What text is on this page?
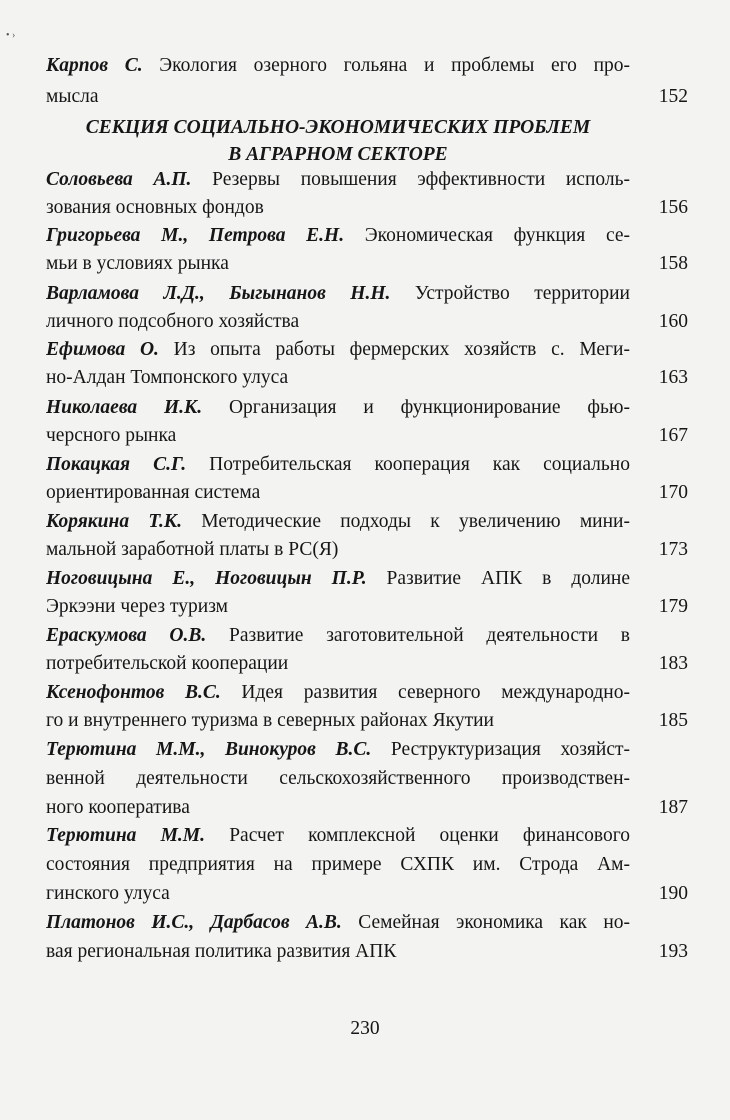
• ›
Карпов С. Экология озерного гольяна и проблемы его про-
мысла
СЕКЦИЯ СОЦИАЛЬНО-ЭКОНОМИЧЕСКИХ ПРОБЛЕМ
В АГРАРНОМ СЕКТОРЕ
Соловьева А.П. Резервы повышения эффективности исполь-
зования основных фондов
Григорьева М., Петрова Е.Н. Экономическая функция се-
мьи в условиях рынка
Варламова Л.Д., Быгынанов Н.Н. Устройство территории
личного подсобного хозяйства
Ефимова О. Из опыта работы фермерских хозяйств с. Меги-
но-Алдан Томпонского улуса
Николаева И.К. Организация и функционирование фью-
черсного рынка
Покацкая С.Г. Потребительская кооперация как социально
ориентированная система
Корякина Т.К. Методические подходы к увеличению мини-
мальной заработной платы в РС(Я)
Ноговицына Е., Ноговицын П.Р. Развитие АПК в долине
Эркээни через туризм
Ераскумова О.В. Развитие заготовительной деятельности в
потребительской кооперации
Ксенофонтов В.С. Идея развития северного международно-
го и внутреннего туризма в северных районах Якутии
Терютина М.М., Винокуров В.С. Реструктуризация хозяйст-
венной деятельности сельскохозяйственного производствен-
ного кооператива
Терютина М.М. Расчет комплексной оценки финансового
состояния предприятия на примере СХПК им. Строда Ам-
гинского улуса
Платонов И.С., Дарбасов А.В. Семейная экономика как но-
вая региональная политика развития АПК
152
156
158
160
163
167
170
173
179
183
185
187
190
193
230
